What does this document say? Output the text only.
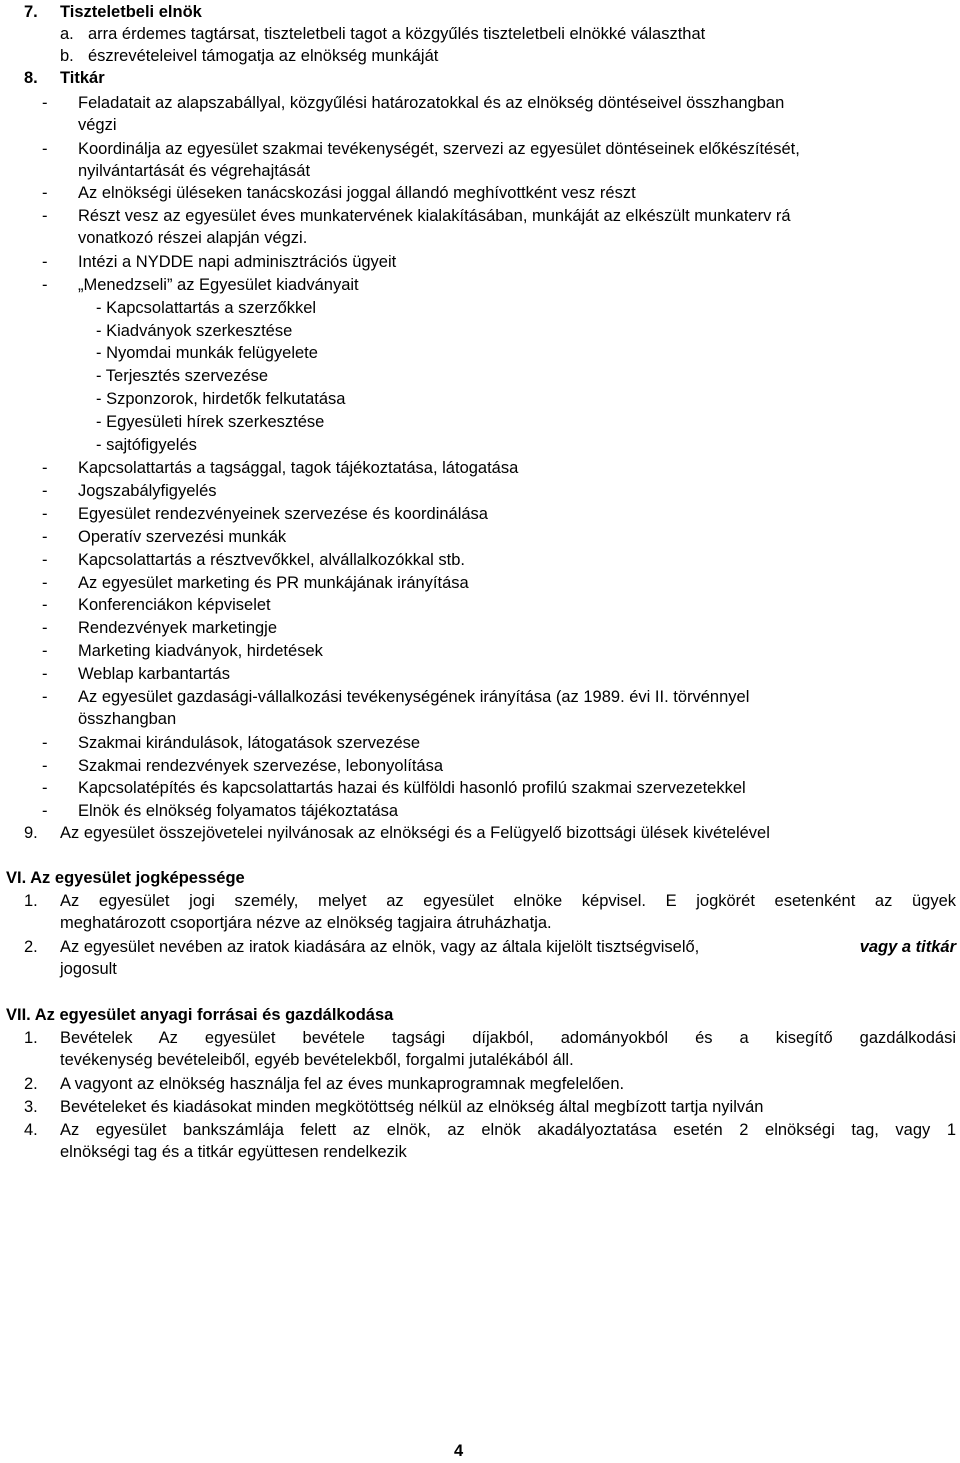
7. Tiszteletbeli elnök
a. arra érdemes tagtársat, tiszteletbeli tagot a közgyűlés tiszteletbeli elnökké választhat
b. észrevételeivel támogatja az elnökség munkáját
8. Titkár
- Feladatait az alapszabállyal, közgyűlési határozatokkal és az elnökség döntéseivel összhangban
végzi
- Koordinálja az egyesület szakmai tevékenységét, szervezi az egyesület döntéseinek előkészítését,
nyilvántartását és végrehajtását
- Az elnökségi üléseken tanácskozási joggal állandó meghívottként vesz részt
- Részt vesz az egyesület éves munkatervének kialakításában, munkáját az elkészült munkaterv rá
vonatkozó részei alapján végzi.
- Intézi a NYDDE napi adminisztrációs ügyeit
- „Menedzseli” az Egyesület kiadványait
- Kapcsolattartás a szerzőkkel
- Kiadványok szerkesztése
- Nyomdai munkák felügyelete
- Terjesztés szervezése
- Szponzorok, hirdetők felkutatása
- Egyesületi hírek szerkesztése
- sajtófigyelés
- Kapcsolattartás a tagsággal, tagok tájékoztatása, látogatása
- Jogszabályfigyelés
- Egyesület rendezvényeinek szervezése és koordinálása
- Operatív szervezési munkák
- Kapcsolattartás a résztvevőkkel, alvállalkozókkal stb.
- Az egyesület marketing és PR munkájának irányítása
- Konferenciákon képviselet
- Rendezvények marketingje
- Marketing kiadványok, hirdetések
- Weblap karbantartás
- Az egyesület gazdasági-vállalkozási tevékenységének irányítása (az 1989. évi II. törvénnyel
összhangban
- Szakmai kirándulások, látogatások szervezése
- Szakmai rendezvények szervezése, lebonyolítása
- Kapcsolatépítés és kapcsolattartás hazai és külföldi hasonló profilú szakmai szervezetekkel
- Elnök és elnökség folyamatos tájékoztatása
9. Az egyesület összejövetelei nyilvánosak az elnökségi és a Felügyelő bizottsági ülések kivételével
VI. Az egyesület jogképessége
1. Az egyesület jogi személy, melyet az egyesület elnöke képvisel. E jogkörét esetenként az ügyek
meghatározott csoportjára nézve az elnökség tagjaira átruházhatja.
2. Az egyesület nevében az iratok kiadására az elnök, vagy az általa kijelölt tisztségviselő,	vagy a titkár
jogosult
VII. Az egyesület anyagi forrásai és gazdálkodása
1. Bevételek Az egyesület bevétele tagsági díjakból, adományokból és a kisegítő gazdálkodási
tevékenység bevételeiből, egyéb bevételekből, forgalmi jutalékából áll.
2. A vagyont az elnökség használja fel az éves munkaprogramnak megfelelően.
3. Bevételeket és kiadásokat minden megkötöttség nélkül az elnökség által megbízott tartja nyilván
4. Az egyesület bankszámlája felett az elnök, az elnök akadályoztatása esetén 2 elnökségi tag, vagy 1
elnökségi tag és a titkár együttesen rendelkezik
4
